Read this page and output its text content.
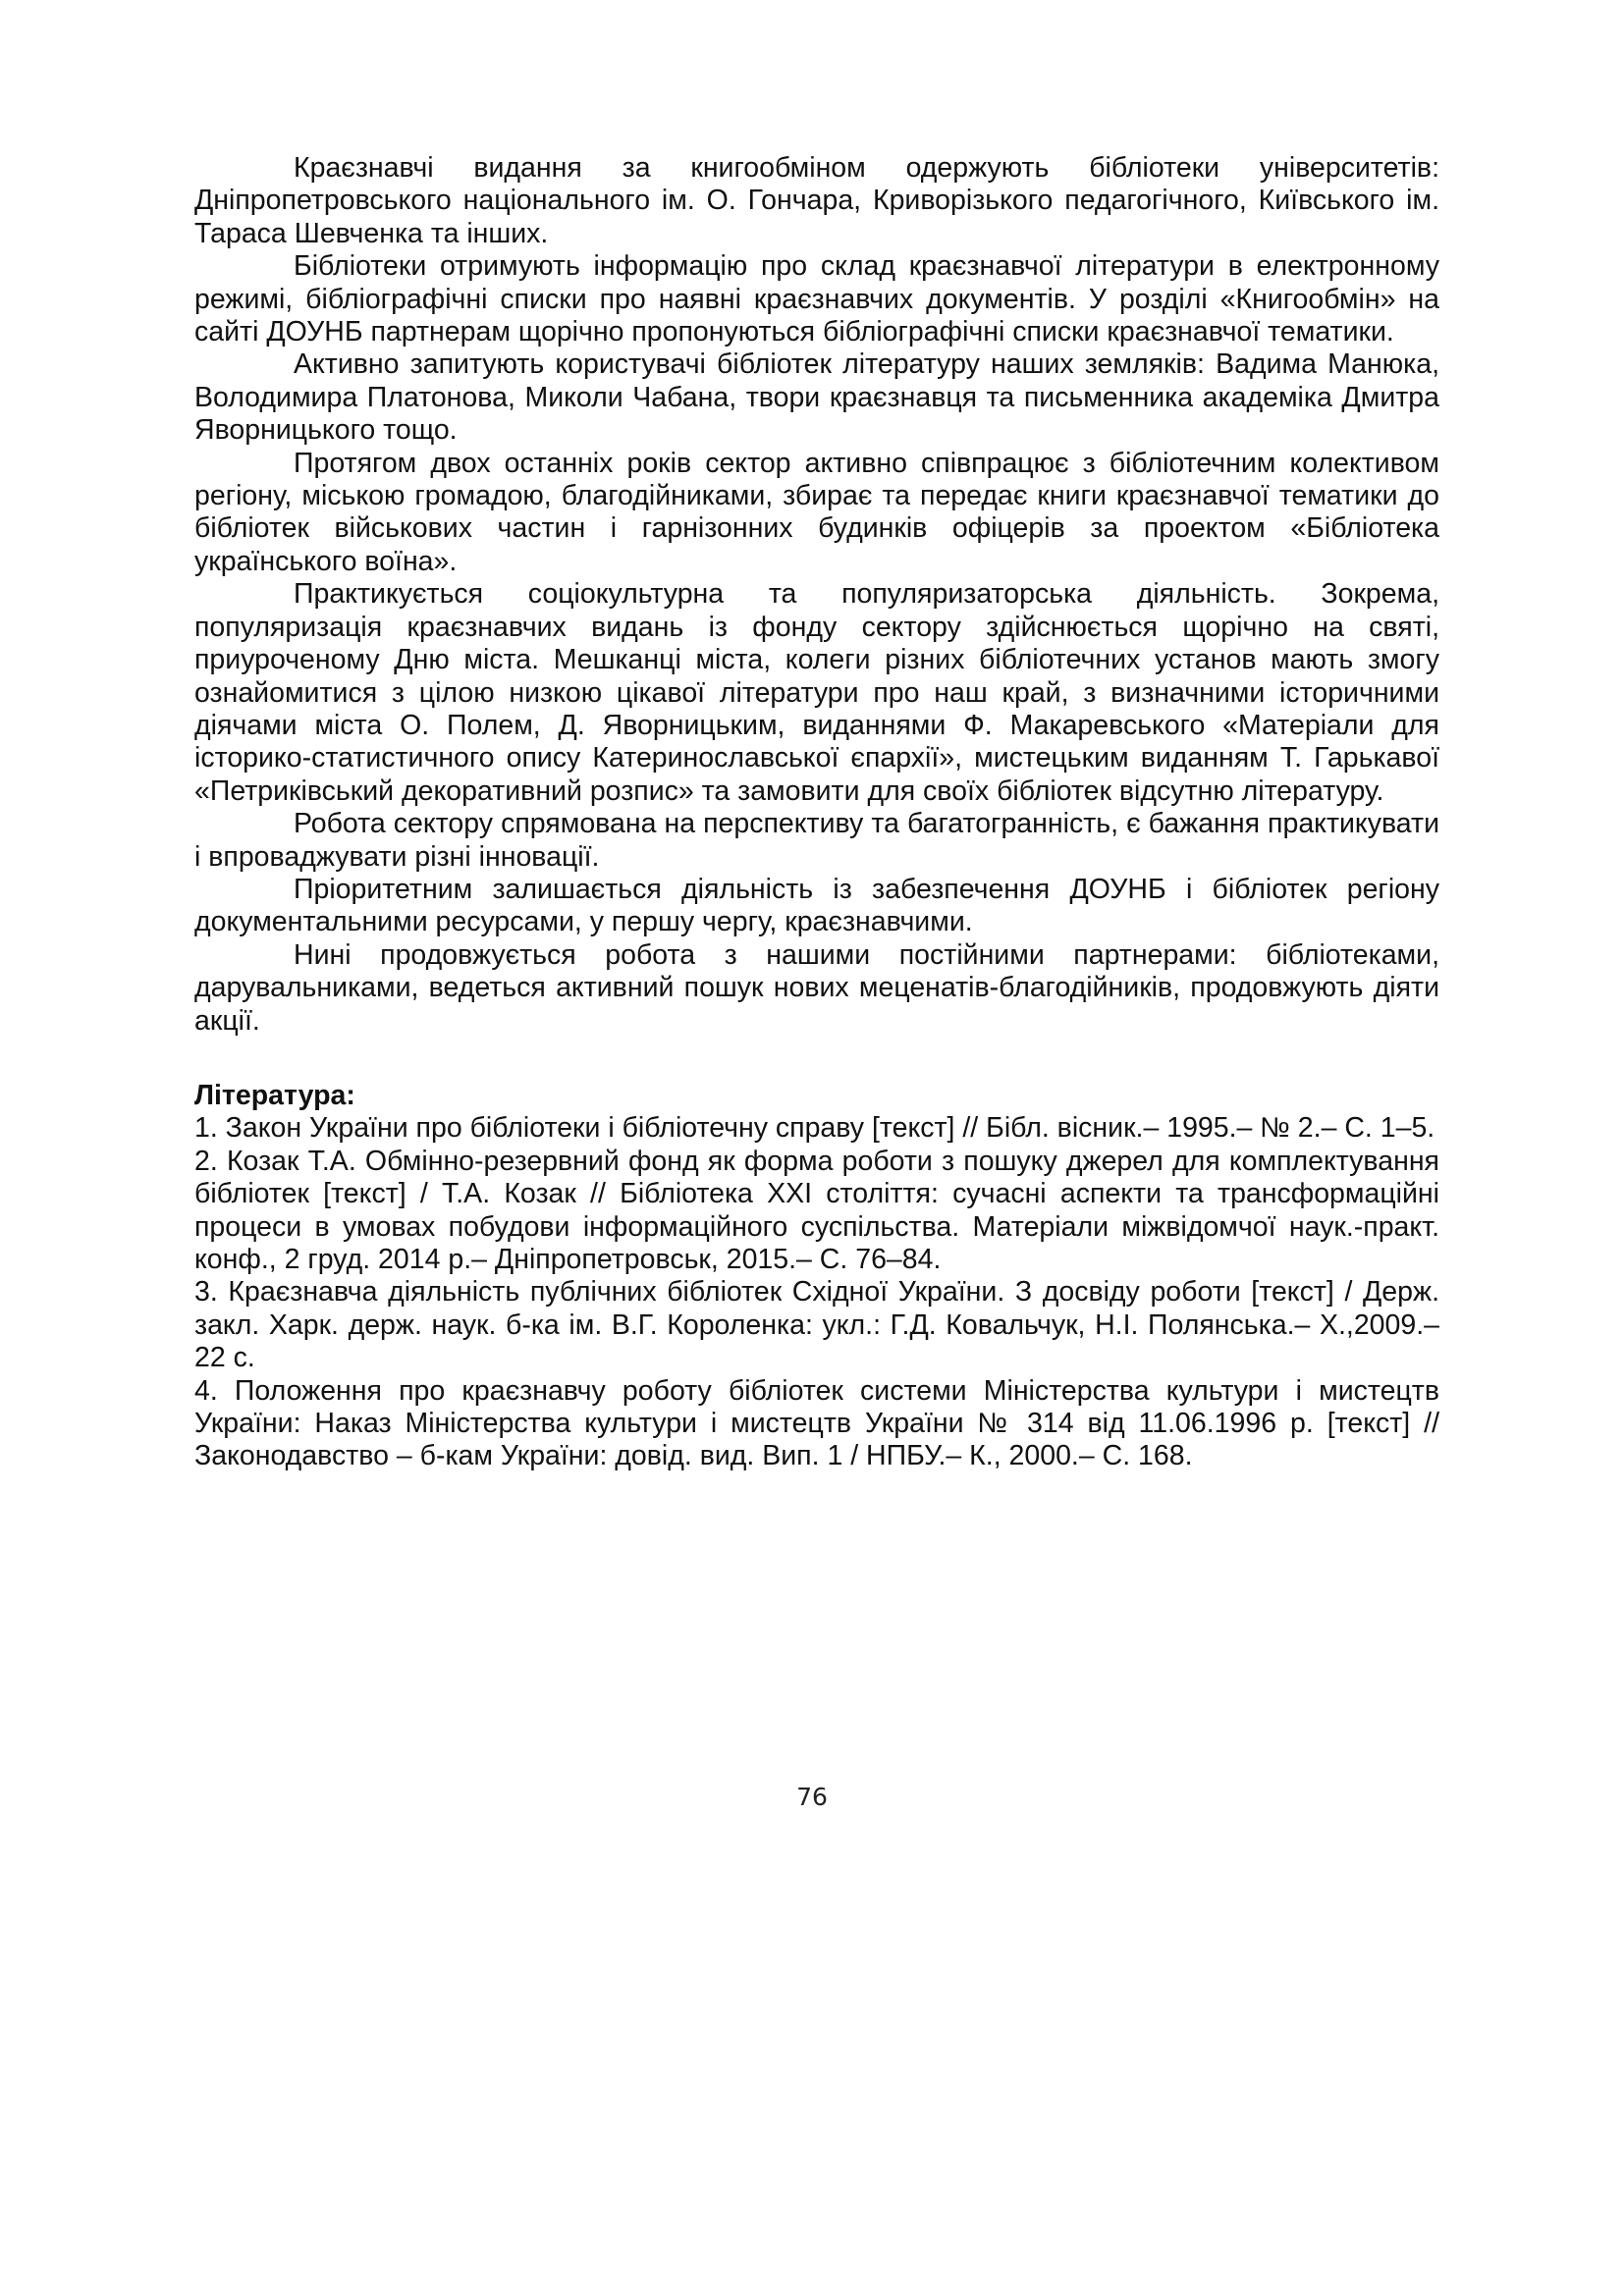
Краєзнавчі видання за книгообміном одержують бібліотеки університетів: Дніпропетровського національного ім. О. Гончара, Криворізького педагогічного, Київського ім. Тараса Шевченка та інших.

Бібліотеки отримують інформацію про склад краєзнавчої літератури в електронному режимі, бібліографічні списки про наявні краєзнавчих документів. У розділі «Книгообмін» на сайті ДОУНБ партнерам щорічно пропонуються бібліографічні списки краєзнавчої тематики.

Активно запитують користувачі бібліотек літературу наших земляків: Вадима Манюка, Володимира Платонова, Миколи Чабана, твори краєзнавця та письменника академіка Дмитра Яворницького тощо.

Протягом двох останніх років сектор активно співпрацює з бібліотечним колективом регіону, міською громадою, благодійниками, збирає та передає книги краєзнавчої тематики до бібліотек військових частин і гарнізонних будинків офіцерів за проектом «Бібліотека українського воїна».

Практикується соціокультурна та популяризаторська діяльність. Зокрема, популяризація краєзнавчих видань із фонду сектору здійснюється щорічно на святі, приуроченому Дню міста. Мешканці міста, колеги різних бібліотечних установ мають змогу ознайомитися з цілою низкою цікавої літератури про наш край, з визначними історичними діячами міста О. Полем, Д. Яворницьким, виданнями Ф. Макаревського «Матеріали для історико-статистичного опису Катеринославської єпархії», мистецьким виданням Т. Гарькавої «Петриківський декоративний розпис» та замовити для своїх бібліотек відсутню літературу.

Робота сектору спрямована на перспективу та багатогранність, є бажання практикувати і впроваджувати різні інновації.

Пріоритетним залишається діяльність із забезпечення ДОУНБ і бібліотек регіону документальними ресурсами, у першу чергу, краєзнавчими.

Нині продовжується робота з нашими постійними партнерами: бібліотеками, дарувальниками, ведеться активний пошук нових меценатів-благодійників, продовжують діяти акції.

Література:
1. Закон України про бібліотеки і бібліотечну справу [текст] // Бібл. вісник.– 1995.– № 2.– С. 1–5.
2. Козак Т.А. Обмінно-резервний фонд як форма роботи з пошуку джерел для комплектування бібліотек [текст] / Т.А. Козак // Бібліотека XXI століття: сучасні аспекти та трансформаційні процеси в умовах побудови інформаційного суспільства. Матеріали міжвідомчої наук.-практ. конф., 2 груд. 2014 р.– Дніпропетровськ, 2015.– С. 76–84.
3. Краєзнавча діяльність публічних бібліотек Східної України. З досвіду роботи [текст] / Держ. закл. Харк. держ. наук. б-ка ім. В.Г. Короленка: укл.: Г.Д. Ковальчук, Н.І. Полянська.– Х.,2009.– 22 с.
4. Положення про краєзнавчу роботу бібліотек системи Міністерства культури і мистецтв України: Наказ Міністерства культури і мистецтв України № 314 від 11.06.1996 р. [текст] // Законодавство – б-кам України: довід. вид. Вип. 1 / НПБУ.– К., 2000.– С. 168.
76
